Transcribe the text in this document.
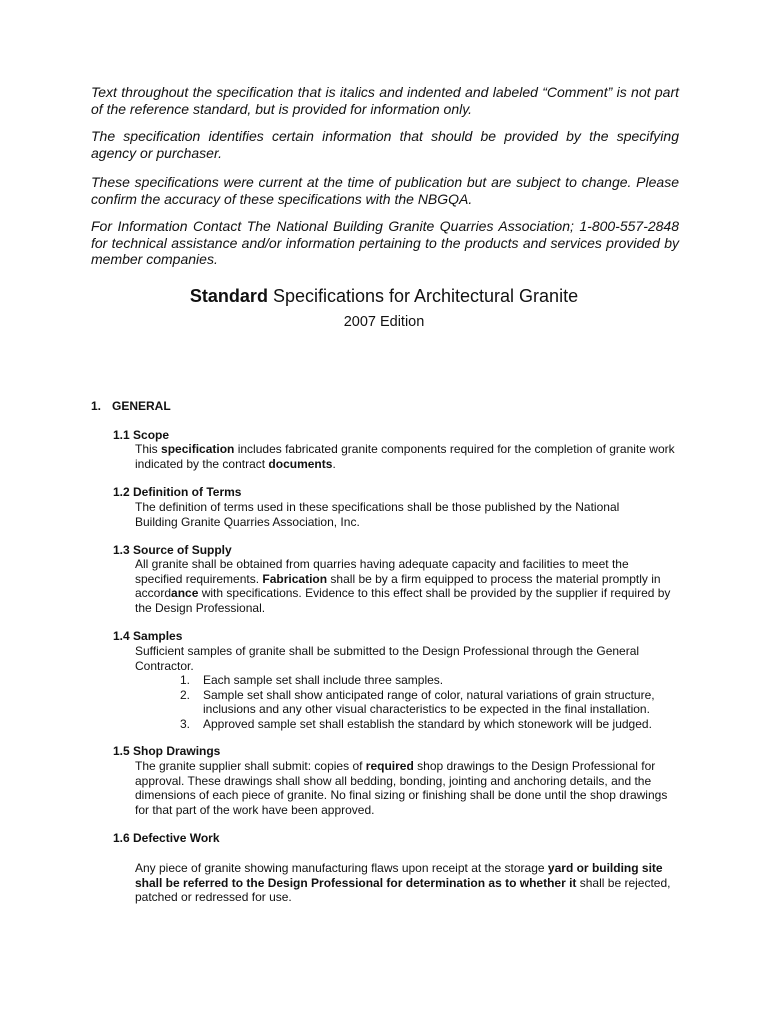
Text throughout the specification that is italics and indented and labeled “Comment” is not part of the reference standard, but is provided for information only.

The specification identifies certain information that should be provided by the specifying agency or purchaser.

These specifications were current at the time of publication but are subject to change. Please confirm the accuracy of these specifications with the NBGQA.

For Information Contact The National Building Granite Quarries Association; 1-800-557-2848 for technical assistance and/or information pertaining to the products and services provided by member companies.

Standard Specifications for Architectural Granite

2007 Edition

1. GENERAL

1.1 Scope

This specification includes fabricated granite components required for the completion of granite work indicated by the contract documents.

1.2 Definition of Terms

The definition of terms used in these specifications shall be those published by the National Building Granite Quarries Association, Inc.

1.3 Source of Supply

All granite shall be obtained from quarries having adequate capacity and facilities to meet the specified requirements. Fabrication shall be by a firm equipped to process the material promptly in accordance with specifications. Evidence to this effect shall be provided by the supplier if required by the Design Professional.

1.4 Samples

Sufficient samples of granite shall be submitted to the Design Professional through the General Contractor.

1. Each sample set shall include three samples.
2. Sample set shall show anticipated range of color, natural variations of grain structure, inclusions and any other visual characteristics to be expected in the final installation.
3. Approved sample set shall establish the standard by which stonework will be judged.

1.5 Shop Drawings

The granite supplier shall submit: copies of required shop drawings to the Design Professional for approval. These drawings shall show all bedding, bonding, jointing and anchoring details, and the dimensions of each piece of granite. No final sizing or finishing shall be done until the shop drawings for that part of the work have been approved.

1.6 Defective Work

Any piece of granite showing manufacturing flaws upon receipt at the storage yard or building site shall be referred to the Design Professional for determination as to whether it shall be rejected, patched or redressed for use.
